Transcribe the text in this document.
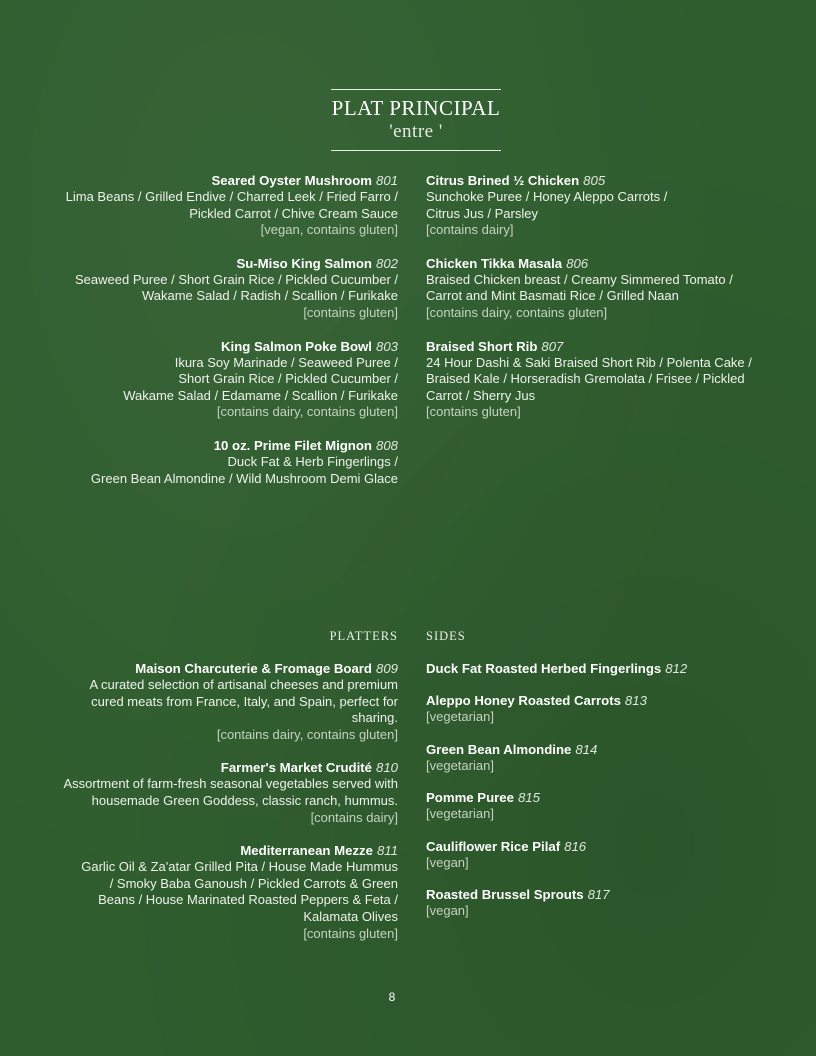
PLAT PRINCIPAL
'entre '
Seared Oyster Mushroom 801
Lima Beans / Grilled Endive / Charred Leek / Fried Farro /
Pickled Carrot / Chive Cream Sauce
[vegan, contains gluten]
Su-Miso King Salmon 802
Seaweed Puree / Short Grain Rice / Pickled Cucumber /
Wakame Salad / Radish / Scallion / Furikake
[contains gluten]
King Salmon Poke Bowl 803
Ikura Soy Marinade / Seaweed Puree /
Short Grain Rice / Pickled Cucumber /
Wakame Salad / Edamame / Scallion / Furikake
[contains dairy, contains gluten]
10 oz. Prime Filet Mignon 808
Duck Fat & Herb Fingerlings /
Green Bean Almondine / Wild Mushroom Demi Glace
Citrus Brined ½ Chicken 805
Sunchoke Puree / Honey Aleppo Carrots /
Citrus Jus / Parsley
[contains dairy]
Chicken Tikka Masala 806
Braised Chicken breast / Creamy Simmered Tomato /
Carrot and Mint Basmati Rice / Grilled Naan
[contains dairy, contains gluten]
Braised Short Rib 807
24 Hour Dashi & Saki Braised Short Rib / Polenta Cake /
Braised Kale / Horseradish Gremolata / Frisee / Pickled
Carrot / Sherry Jus
[contains gluten]
PLATTERS SIDES
Maison Charcuterie & Fromage Board 809
A curated selection of artisanal cheeses and premium
cured meats from France, Italy, and Spain, perfect for
sharing.
[contains dairy, contains gluten]
Farmer's Market Crudité 810
Assortment of farm-fresh seasonal vegetables served with
housemade Green Goddess, classic ranch, hummus.
[contains dairy]
Mediterranean Mezze 811
Garlic Oil & Za'atar Grilled Pita / House Made Hummus
/ Smoky Baba Ganoush / Pickled Carrots & Green
Beans / House Marinated Roasted Peppers & Feta /
Kalamata Olives
[contains gluten]
Duck Fat Roasted Herbed Fingerlings 812
Aleppo Honey Roasted Carrots 813
[vegetarian]
Green Bean Almondine 814
[vegetarian]
Pomme Puree 815
[vegetarian]
Cauliflower Rice Pilaf 816
[vegan]
Roasted Brussel Sprouts 817
[vegan]
8
